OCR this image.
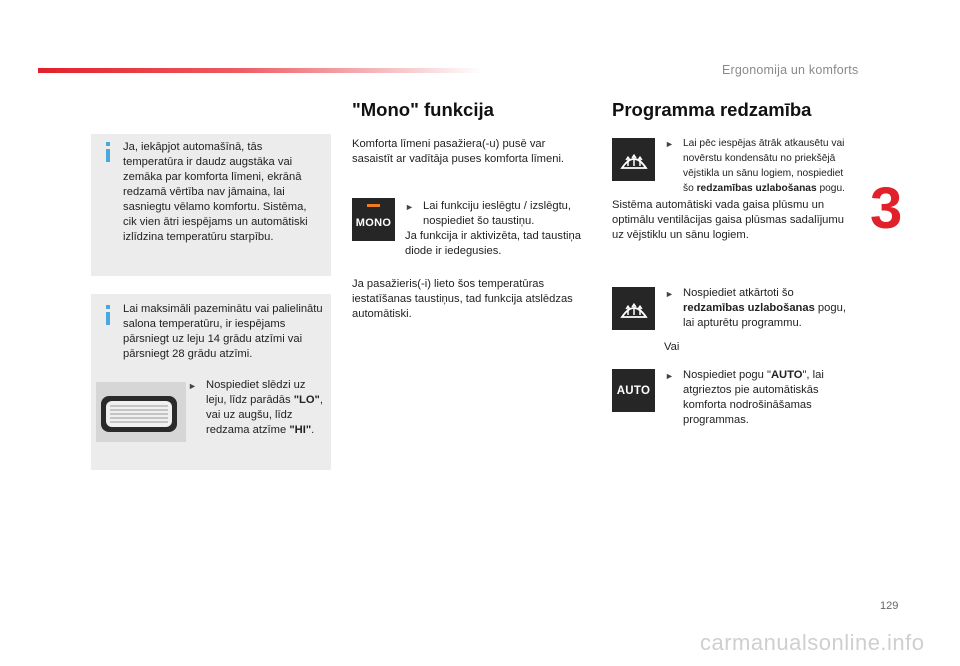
Ergonomija un komforts
3
129
carmanualsonline.info
Ja, iekāpjot automašīnā, tās temperatūra ir daudz augstāka vai zemāka par komforta līmeni, ekrānā redzamā vērtība nav jāmaina, lai sasniegtu vēlamo komfortu. Sistēma, cik vien ātri iespējams un automātiski izlīdzina temperatūru starpību.
Lai maksimāli pazeminātu vai palielinātu salona temperatūru, ir iespējams pārsniegt uz leju 14 grādu atzīmi vai pārsniegt 28 grādu atzīmi.
► Nospiediet slēdzi uz leju, līdz parādās "LO", vai uz augšu, līdz redzama atzīme "HI".
"Mono" funkcija
Komforta līmeni pasažiera(-u) pusē var sasaistīt ar vadītāja puses komforta līmeni.
MONO
► Lai funkciju ieslēgtu / izslēgtu, nospiediet šo taustiņu.
Ja funkcija ir aktivizēta, tad taustiņa diode ir iedegusies.
Ja pasažieris(-i) lieto šos temperatūras iestatīšanas taustiņus, tad funkcija atslēdzas automātiski.
Programma redzamība
► Lai pēc iespējas ātrāk atkausētu vai novērstu kondensātu no priekšējā vējstikla un sānu logiem, nospiediet šo redzamības uzlabošanas pogu.
Sistēma automātiski vada gaisa plūsmu un optimālu ventilācijas gaisa plūsmas sadalījumu uz vējstiklu un sānu logiem.
► Nospiediet atkārtoti šo redzamības uzlabošanas pogu, lai apturētu programmu.
Vai
AUTO
► Nospiediet pogu "AUTO", lai atgrieztos pie automātiskās komforta nodrošināšamas programmas.
